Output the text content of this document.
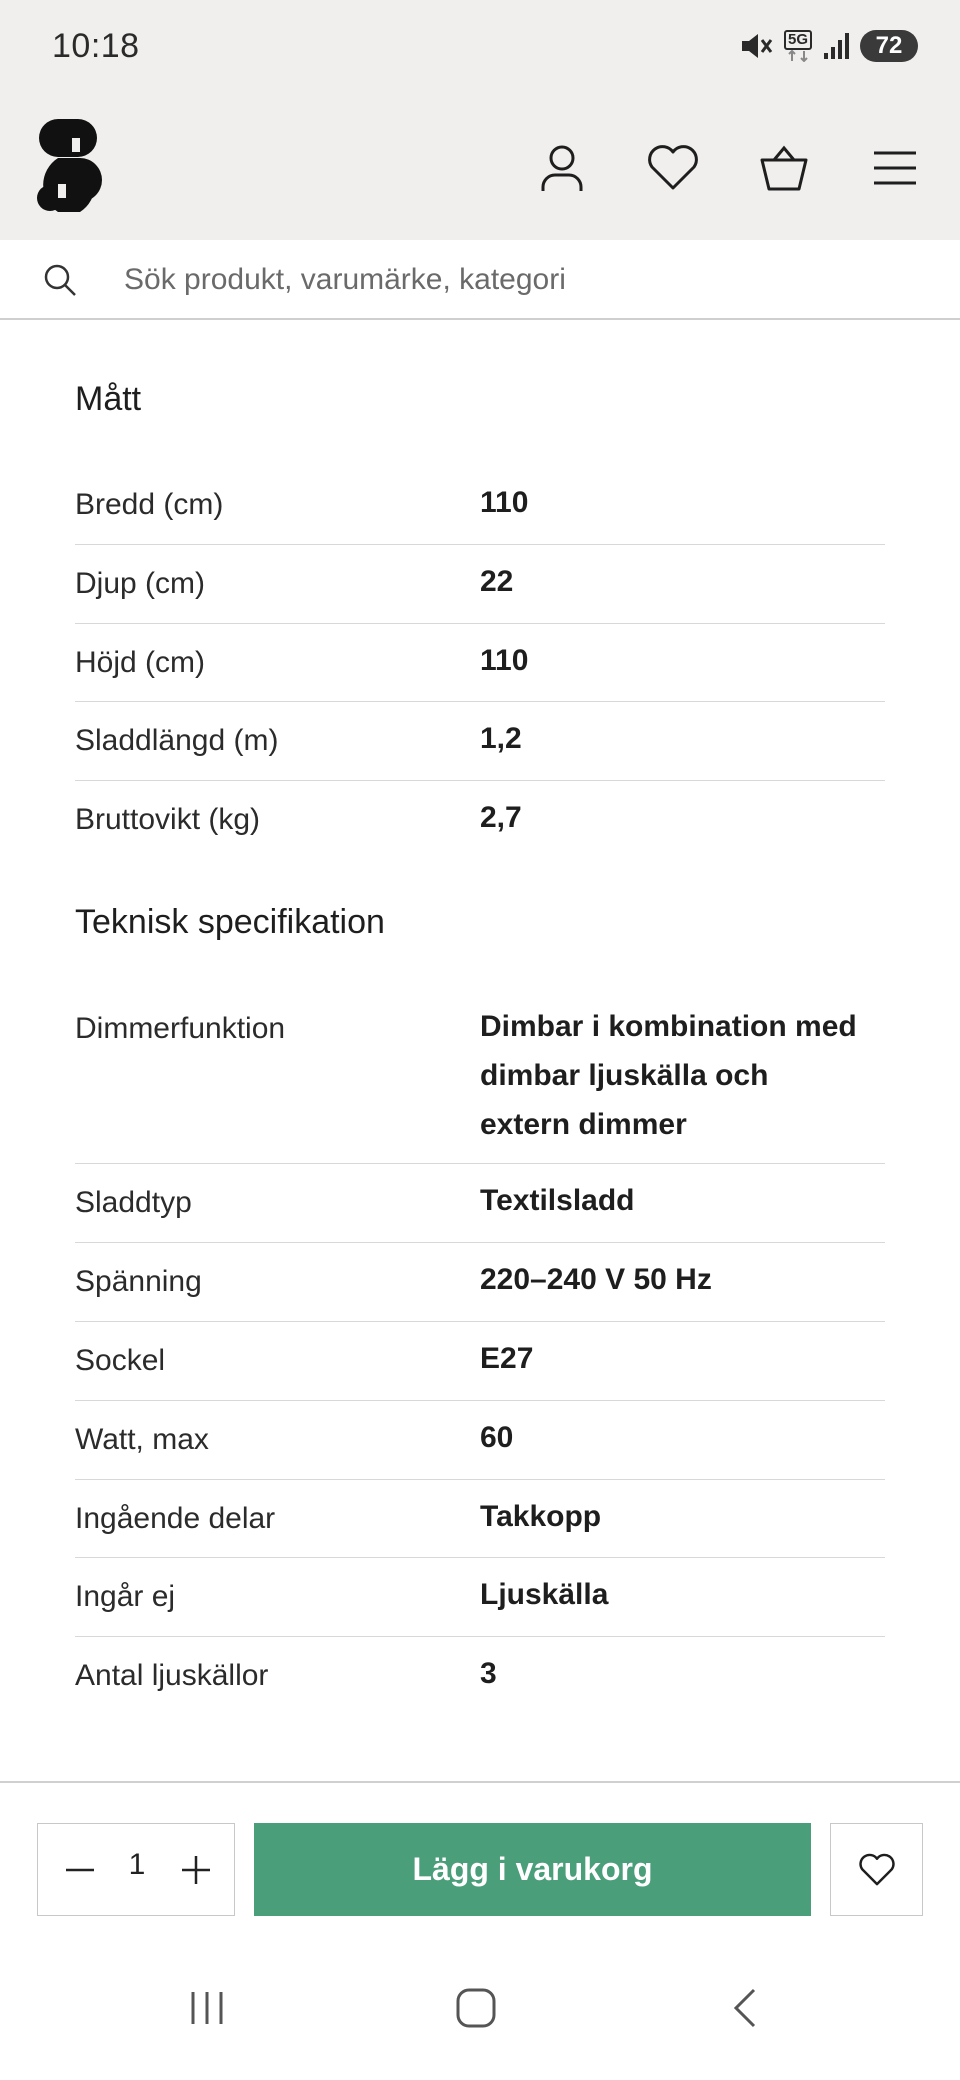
10:18	5G	72
Sök produkt, varumärke, kategori
Mått
Bredd (cm)	110
Djup (cm)	22
Höjd (cm)	110
Sladdlängd (m)	1,2
Bruttovikt (kg)	2,7
Teknisk specifikation
Dimmerfunktion	Dimbar i kombination med
dimbar ljuskälla och
extern dimmer
Sladdtyp	Textilsladd
Spänning	220–240 V 50 Hz
Sockel	E27
Watt, max	60
Ingående delar	Takkopp
Ingår ej	Ljuskälla
Antal ljuskällor	3
1	Lägg i varukorg
